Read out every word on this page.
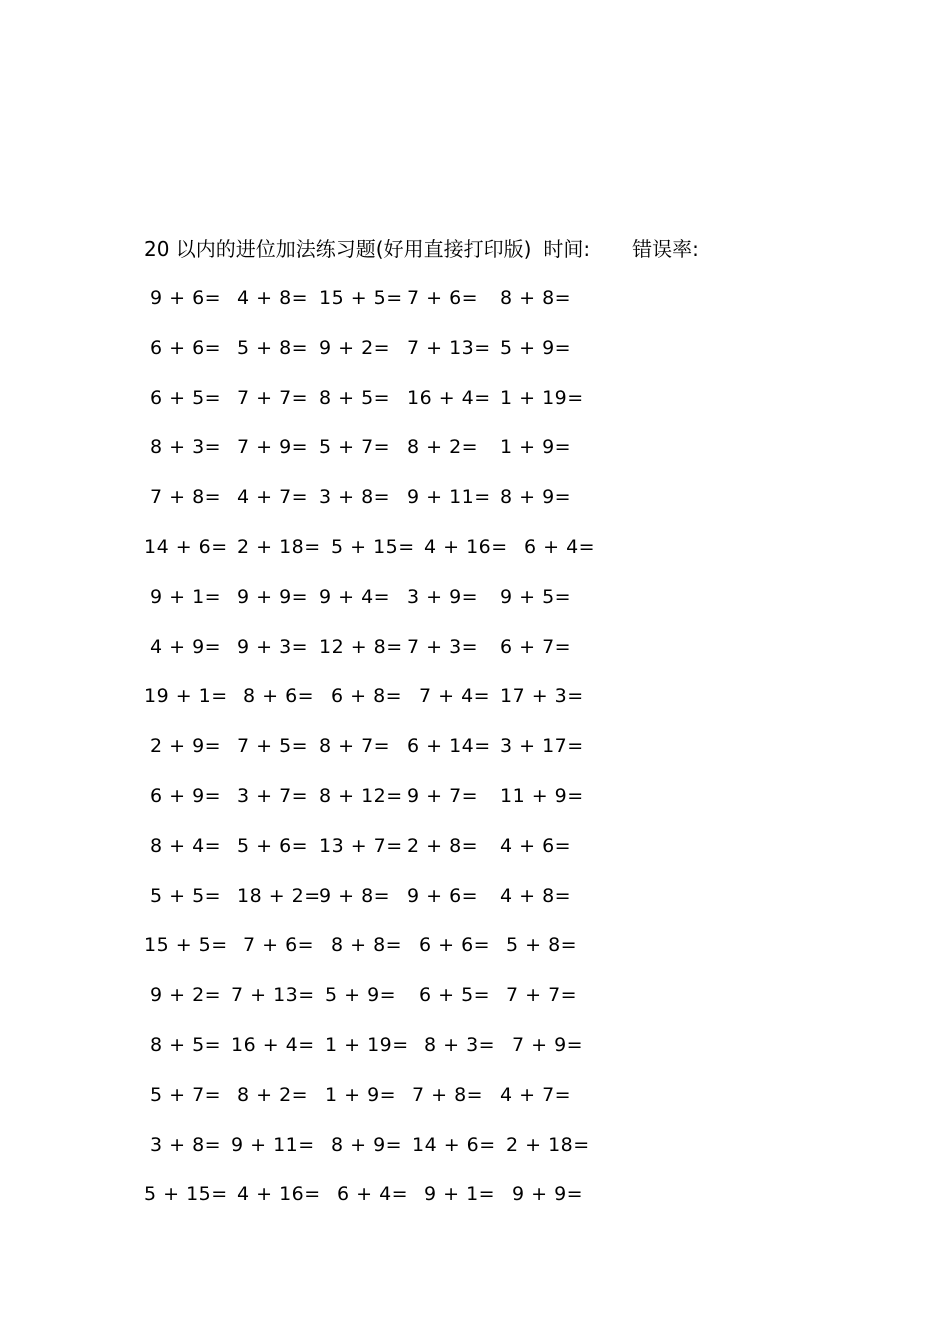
20 以内的进位加法练习题(好用直接打印版) 时间: 错误率:
9 + 6= 4 + 8= 15 + 5= 7 + 6= 8 + 8=
6 + 6= 5 + 8= 9 + 2= 7 + 13= 5 + 9=
6 + 5= 7 + 7= 8 + 5= 16 + 4= 1 + 19=
8 + 3= 7 + 9= 5 + 7= 8 + 2= 1 + 9=
7 + 8= 4 + 7= 3 + 8= 9 + 11= 8 + 9=
14 + 6= 2 + 18= 5 + 15= 4 + 16= 6 + 4=
9 + 1= 9 + 9= 9 + 4= 3 + 9= 9 + 5=
4 + 9= 9 + 3= 12 + 8= 7 + 3= 6 + 7=
19 + 1= 8 + 6= 6 + 8= 7 + 4= 17 + 3=
2 + 9= 7 + 5= 8 + 7= 6 + 14= 3 + 17=
6 + 9= 3 + 7= 8 + 12= 9 + 7= 11 + 9=
8 + 4= 5 + 6= 13 + 7= 2 + 8= 4 + 6=
5 + 5= 18 + 2=
9 + 8= 9 + 6= 4 + 8=
15 + 5= 7 + 6= 8 + 8= 6 + 6= 5 + 8=
9 + 2= 7 + 13= 5 + 9= 6 + 5= 7 + 7=
8 + 5= 16 + 4= 1 + 19= 8 + 3= 7 + 9=
5 + 7= 8 + 2= 1 + 9= 7 + 8= 4 + 7=
3 + 8= 9 + 11= 8 + 9= 14 + 6= 2 + 18=
5 + 15= 4 + 16= 6 + 4= 9 + 1= 9 + 9=
